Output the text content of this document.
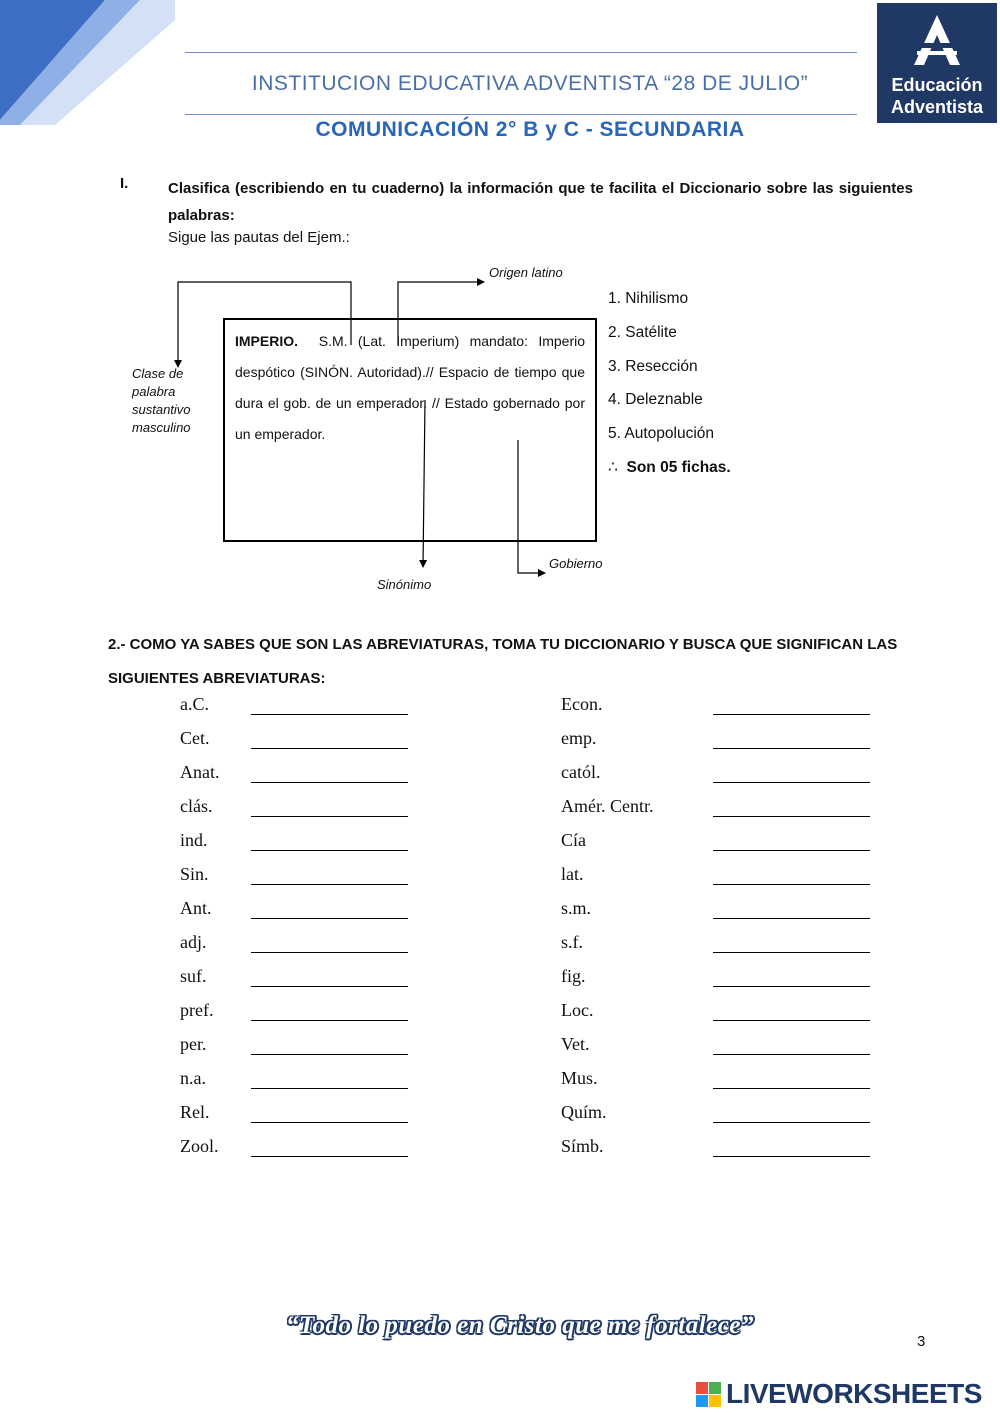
INSTITUCION EDUCATIVA ADVENTISTA “28 DE JULIO”
COMUNICACIÓN 2° B y C - SECUNDARIA
Educación
Adventista
I.	Clasifica (escribiendo en tu cuaderno) la información que te facilita el Diccionario sobre las siguientes palabras:
Sigue las pautas del Ejem.:
IMPERIO. S.M. (Lat. Imperium) mandato: Imperio despótico (SINÓN. Autoridad).// Espacio de tiempo que dura el gob. de un emperador. // Estado gobernado por un emperador.
Origen latino
Clase de
palabra
sustantivo
masculino
Gobierno
Sinónimo
1. Nihilismo
2. Satélite
3. Resección
4. Deleznable
5. Autopolución
∴ Son 05 fichas.
2.- COMO YA SABES QUE SON LAS ABREVIATURAS, TOMA TU DICCIONARIO Y BUSCA QUE SIGNIFICAN LAS SIGUIENTES ABREVIATURAS:
a.C.
Cet.
Anat.
clás.
ind.
Sin.
Ant.
adj.
suf.
pref.
per.
n.a.
Rel.
Zool.
Econ.
emp.
catól.
Amér. Centr.
Cía
lat.
s.m.
s.f.
fig.
Loc.
Vet.
Mus.
Quím.
Símb.
“Todo lo puedo en Cristo que me fortalece”
3
LIVEWORKSHEETS
